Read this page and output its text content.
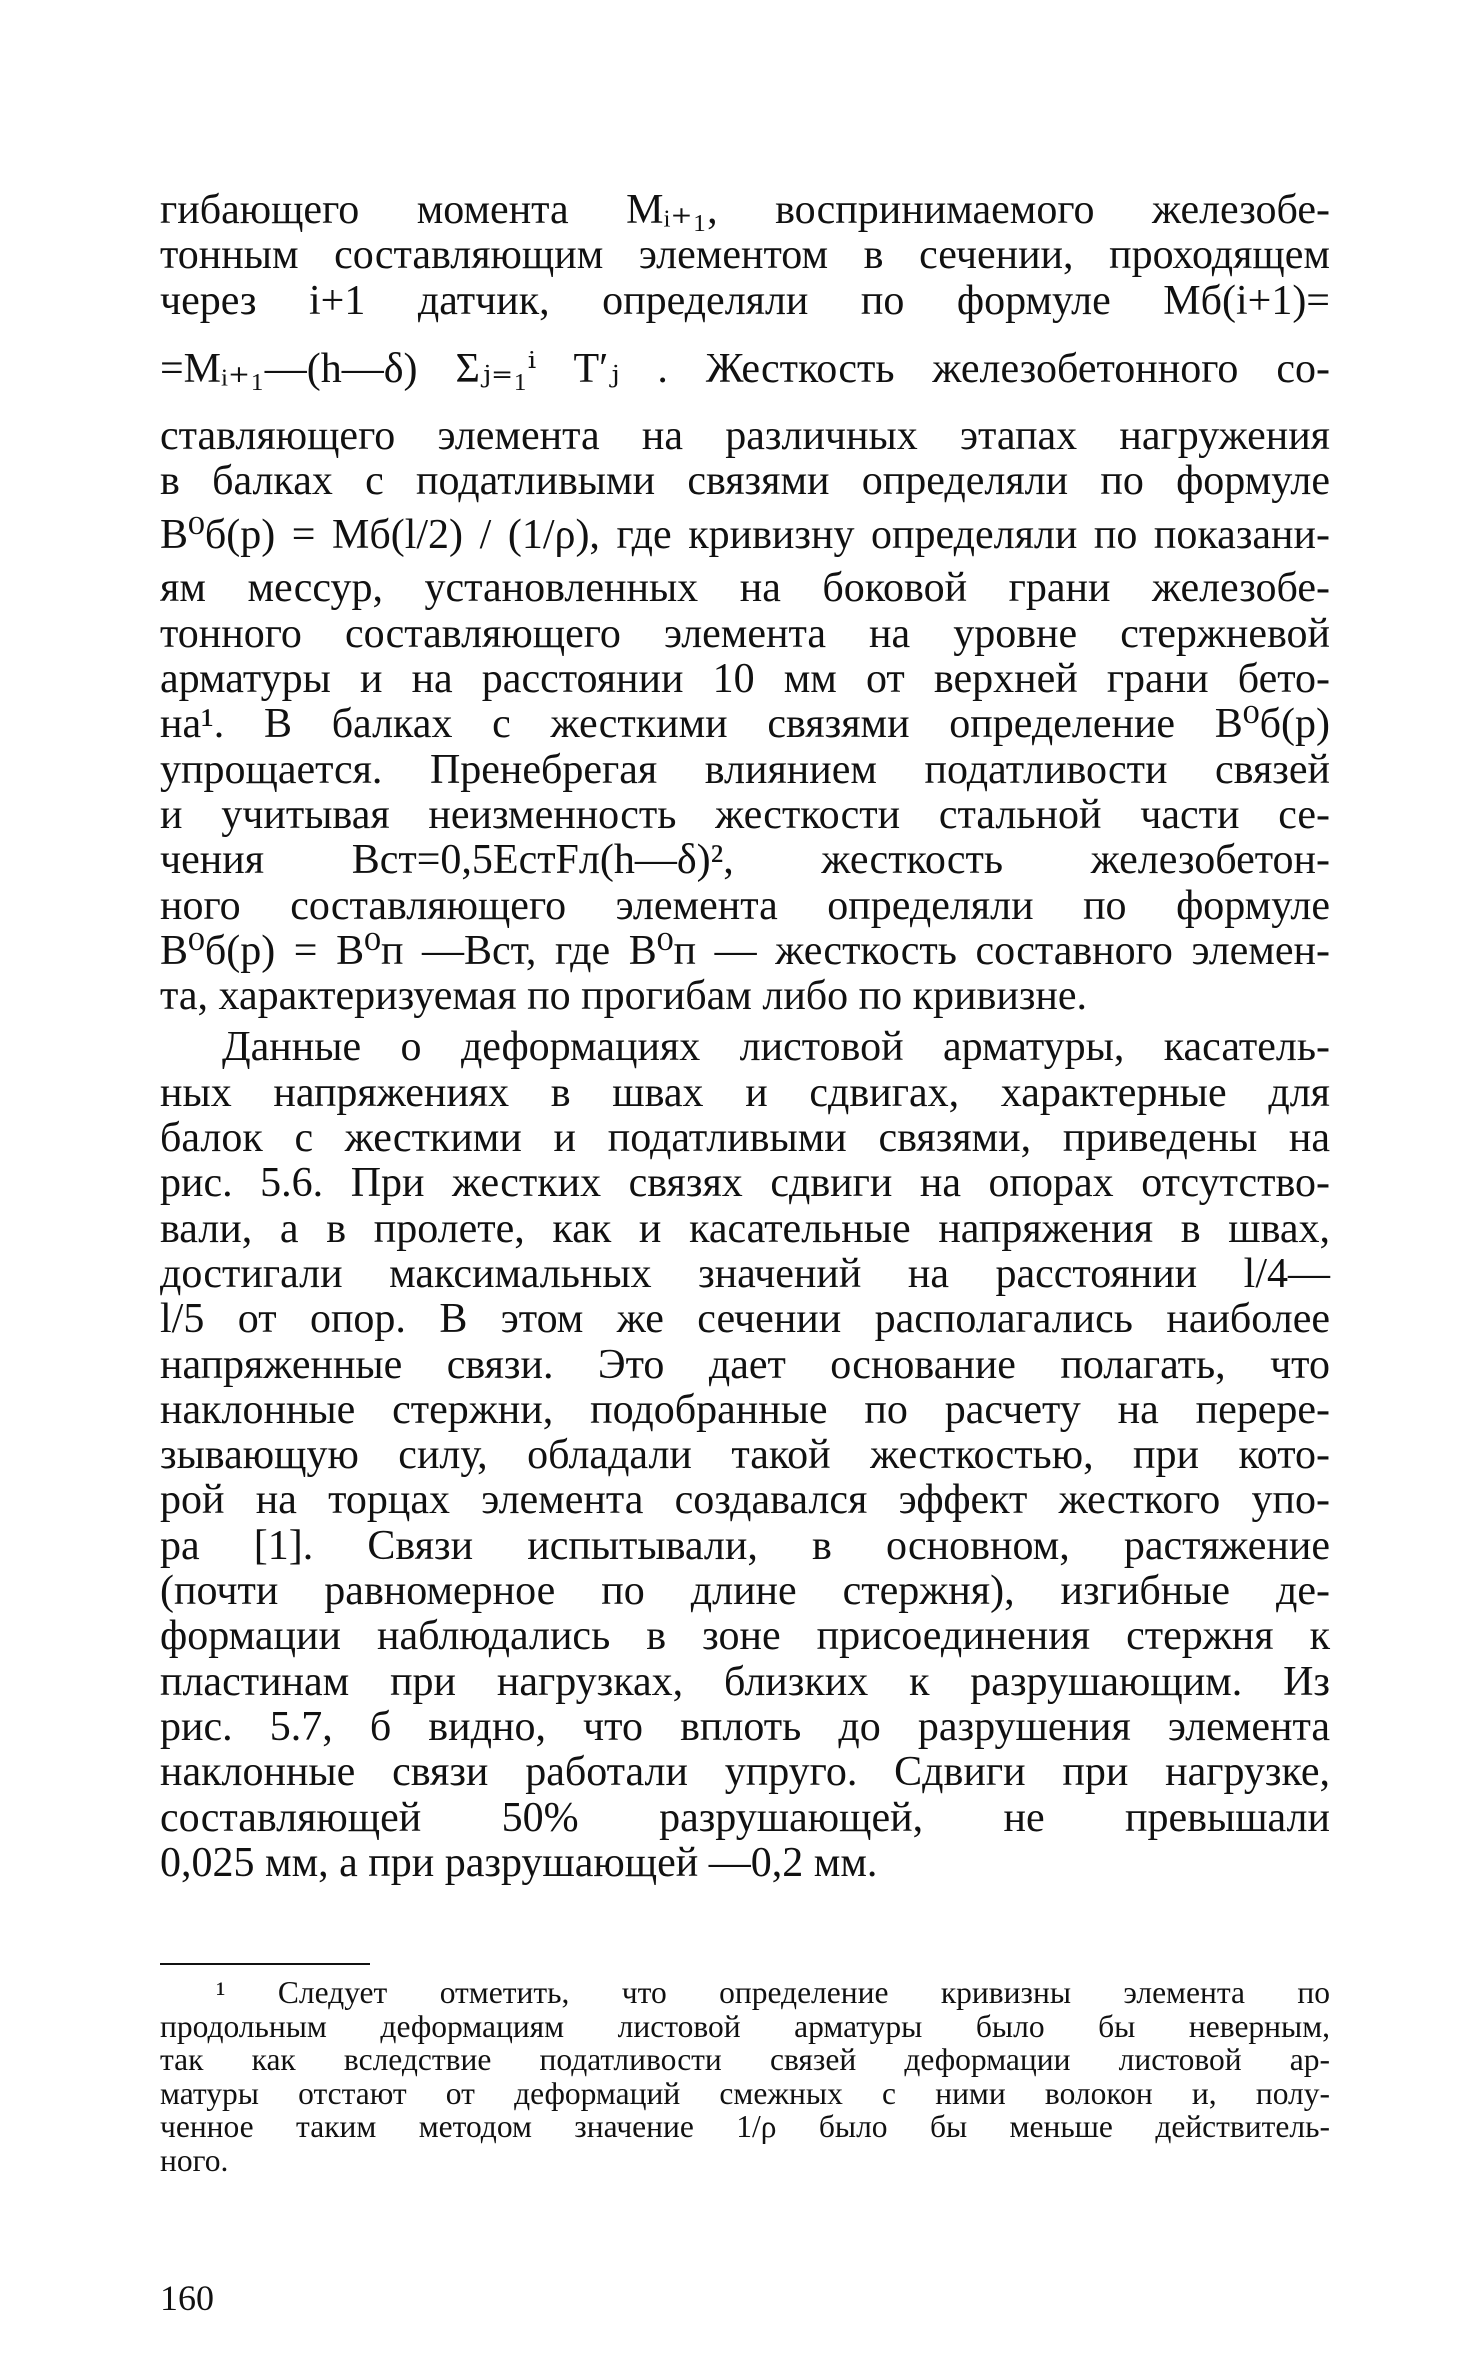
гибающего момента Mᵢ₊₁, воспринимаемого железобе-
тонным составляющим элементом в сечении, проходящем
через i+1 датчик, определяли по формуле Mб(i+1)=
=Mᵢ₊₁—(h—δ) Σⱼ₌₁ⁱ T′ⱼ . Жесткость железобетонного со-
ставляющего элемента на различных этапах нагружения
в балках с податливыми связями определяли по формуле
B⁰б(p) = Mб(l/2) / (1/ρ), где кривизну определяли по показани-
ям мессур, установленных на боковой грани железобе-
тонного составляющего элемента на уровне стержневой
арматуры и на расстоянии 10 мм от верхней грани бето-
на¹. В балках с жесткими связями определение B⁰б(p)
упрощается. Пренебрегая влиянием податливости связей
и учитывая неизменность жесткости стальной части се-
чения Bст=0,5EстFл(h—δ)², жесткость железобетон-
ного составляющего элемента определяли по формуле
B⁰б(p) = B⁰п —Bст, где B⁰п — жесткость составного элемен-
та, характеризуемая по прогибам либо по кривизне.
Данные о деформациях листовой арматуры, касатель-
ных напряжениях в швах и сдвигах, характерные для
балок с жесткими и податливыми связями, приведены на
рис. 5.6. При жестких связях сдвиги на опорах отсутство-
вали, а в пролете, как и касательные напряжения в швах,
достигали максимальных значений на расстоянии l/4—
l/5 от опор. В этом же сечении располагались наиболее
напряженные связи. Это дает основание полагать, что
наклонные стержни, подобранные по расчету на перере-
зывающую силу, обладали такой жесткостью, при кото-
рой на торцах элемента создавался эффект жесткого упо-
ра [1]. Связи испытывали, в основном, растяжение
(почти равномерное по длине стержня), изгибные де-
формации наблюдались в зоне присоединения стержня к
пластинам при нагрузках, близких к разрушающим. Из
рис. 5.7, б видно, что вплоть до разрушения элемента
наклонные связи работали упруго. Сдвиги при нагрузке,
составляющей 50% разрушающей, не превышали
0,025 мм, а при разрушающей —0,2 мм.
¹ Следует отметить, что определение кривизны элемента по
продольным деформациям листовой арматуры было бы неверным,
так как вследствие податливости связей деформации листовой ар-
матуры отстают от деформаций смежных с ними волокон и, полу-
ченное таким методом значение 1/ρ было бы меньше действитель-
ного.
160
